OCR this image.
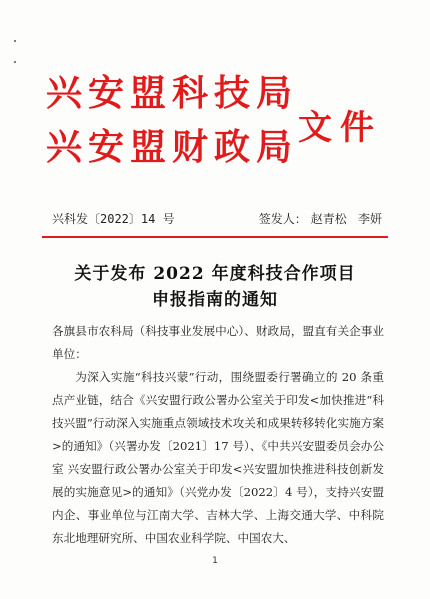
兴安盟科技局
兴安盟财政局 文件
兴科发〔2022〕14 号	签发人： 赵青松 李妍
关于发布 2022 年度科技合作项目
申报指南的通知

各旗县市农科局（科技事业发展中心）、财政局，盟直有关企事业单位：

为深入实施“科技兴蒙”行动，围绕盟委行署确立的 20 条重点产业链，结合《兴安盟行政公署办公室关于印发<加快推进“科技兴盟”行动深入实施重点领域技术攻关和成果转移转化实施方案>的通知》（兴署办发〔2021〕17 号）、《中共兴安盟委员会办公室 兴安盟行政公署办公室关于印发<兴安盟加快推进科技创新发展的实施意见>的通知》（兴党办发〔2022〕4 号），支持兴安盟内企、事业单位与江南大学、吉林大学、上海交通大学、中科院东北地理研究所、中国农业科学院、中国农大、

1
